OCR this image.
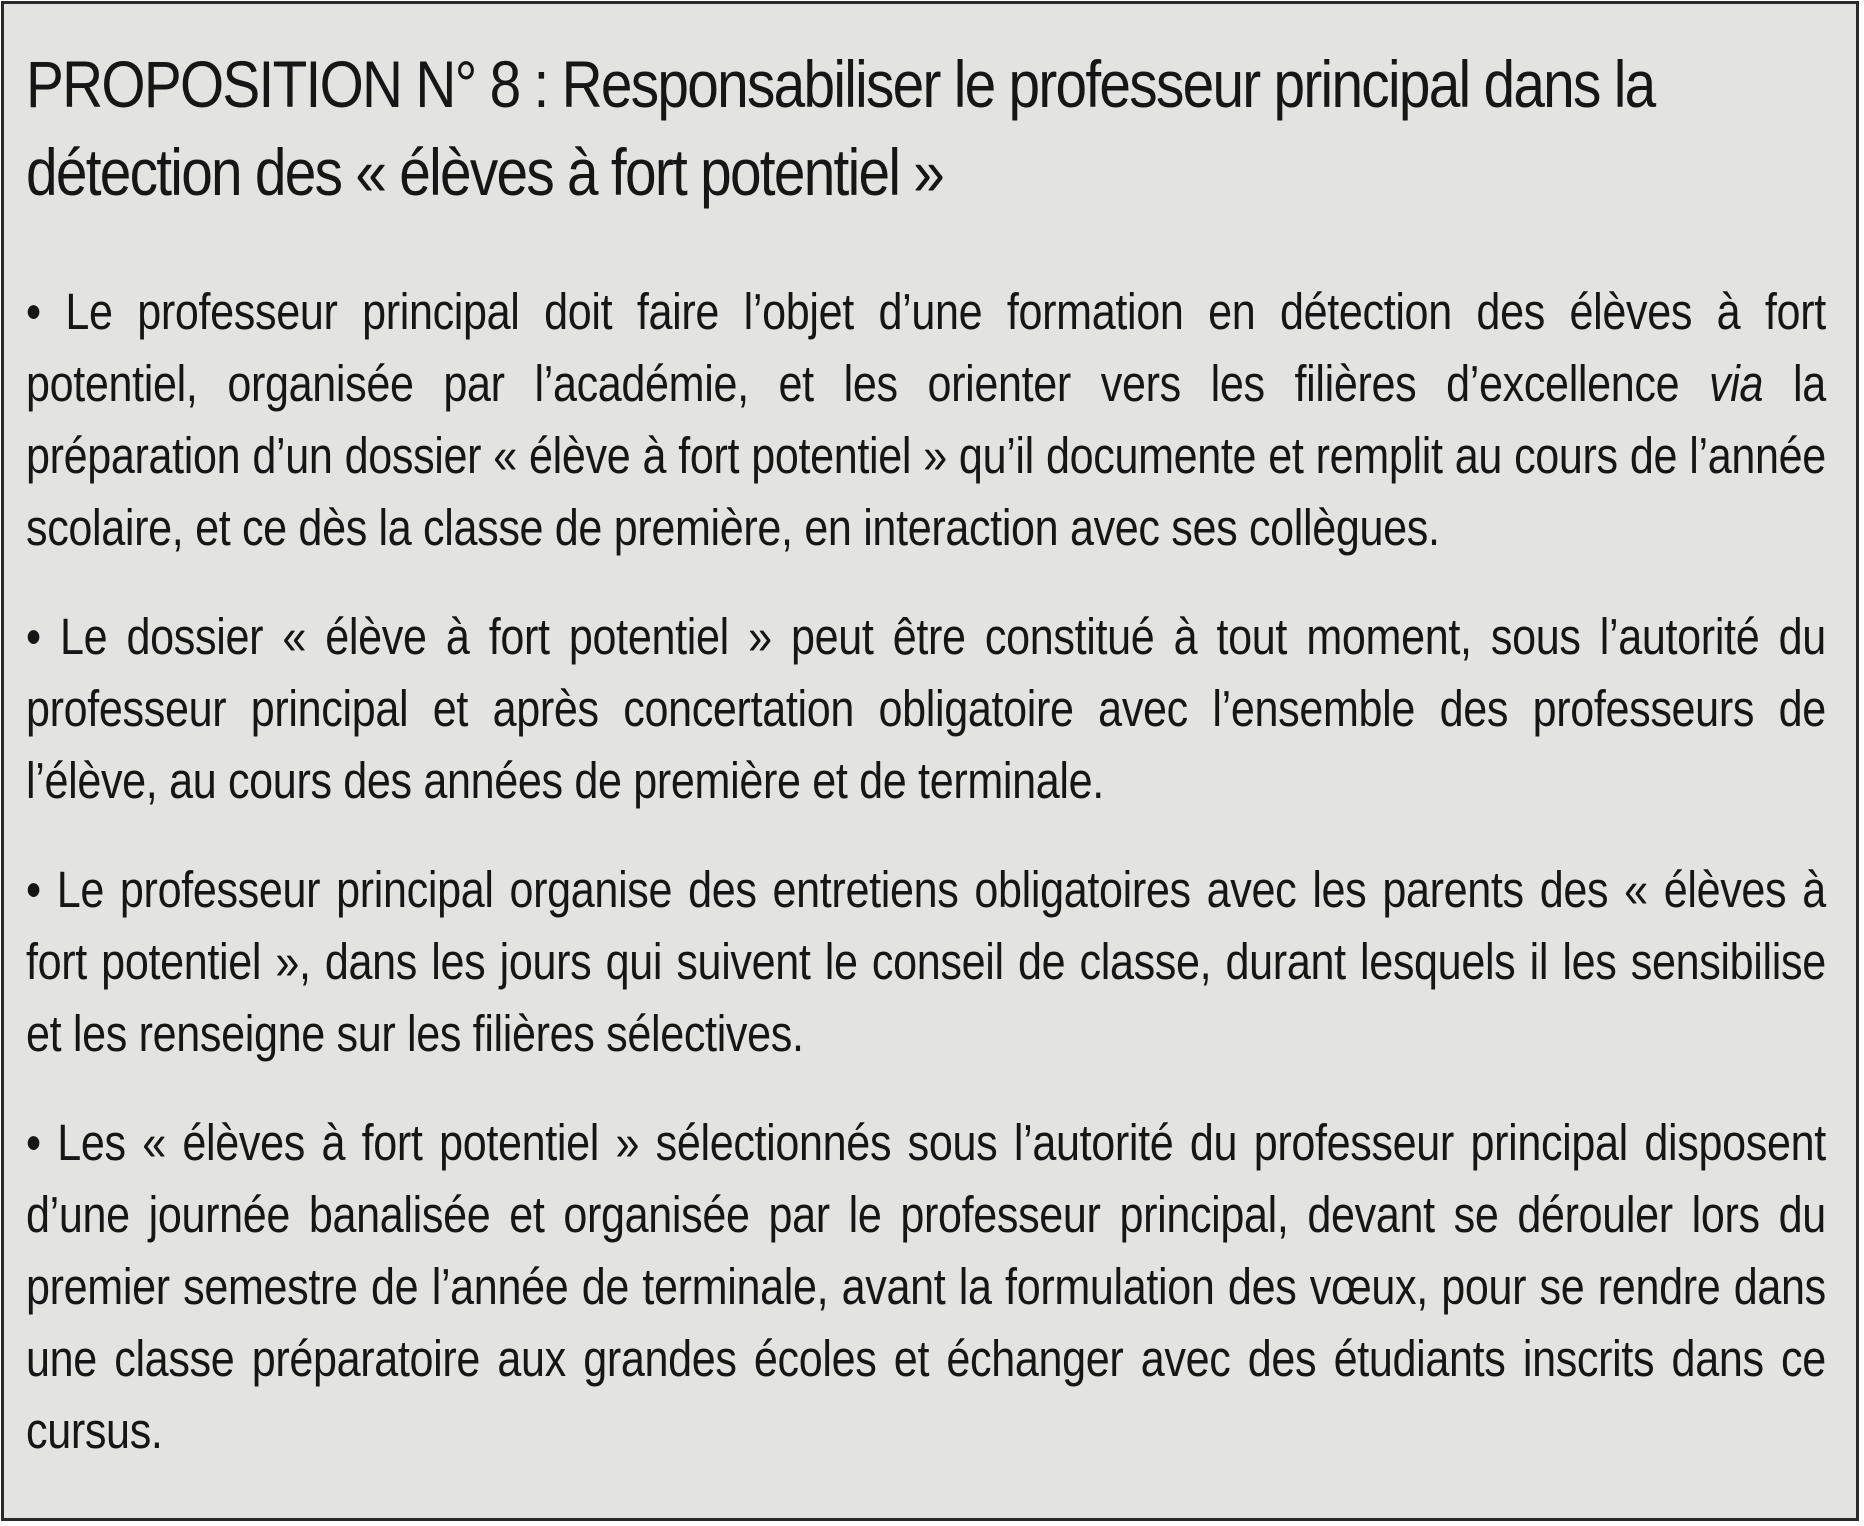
PROPOSITION N° 8 : Responsabiliser le professeur principal dans la
détection des « élèves à fort potentiel »

• Le professeur principal doit faire l’objet d’une formation en détection des élèves à fort potentiel, organisée par l’académie, et les orienter vers les filières d’excellence via la préparation d’un dossier « élève à fort potentiel » qu’il documente et remplit au cours de l’année scolaire, et ce dès la classe de première, en interaction avec ses collègues.

• Le dossier « élève à fort potentiel » peut être constitué à tout moment, sous l’autorité du professeur principal et après concertation obligatoire avec l’ensemble des professeurs de l’élève, au cours des années de première et de terminale.

• Le professeur principal organise des entretiens obligatoires avec les parents des « élèves à fort potentiel », dans les jours qui suivent le conseil de classe, durant lesquels il les sensibilise et les renseigne sur les filières sélectives.

• Les « élèves à fort potentiel » sélectionnés sous l’autorité du professeur principal disposent d’une journée banalisée et organisée par le professeur principal, devant se dérouler lors du premier semestre de l’année de terminale, avant la formulation des vœux, pour se rendre dans une classe préparatoire aux grandes écoles et échanger avec des étudiants inscrits dans ce cursus.
